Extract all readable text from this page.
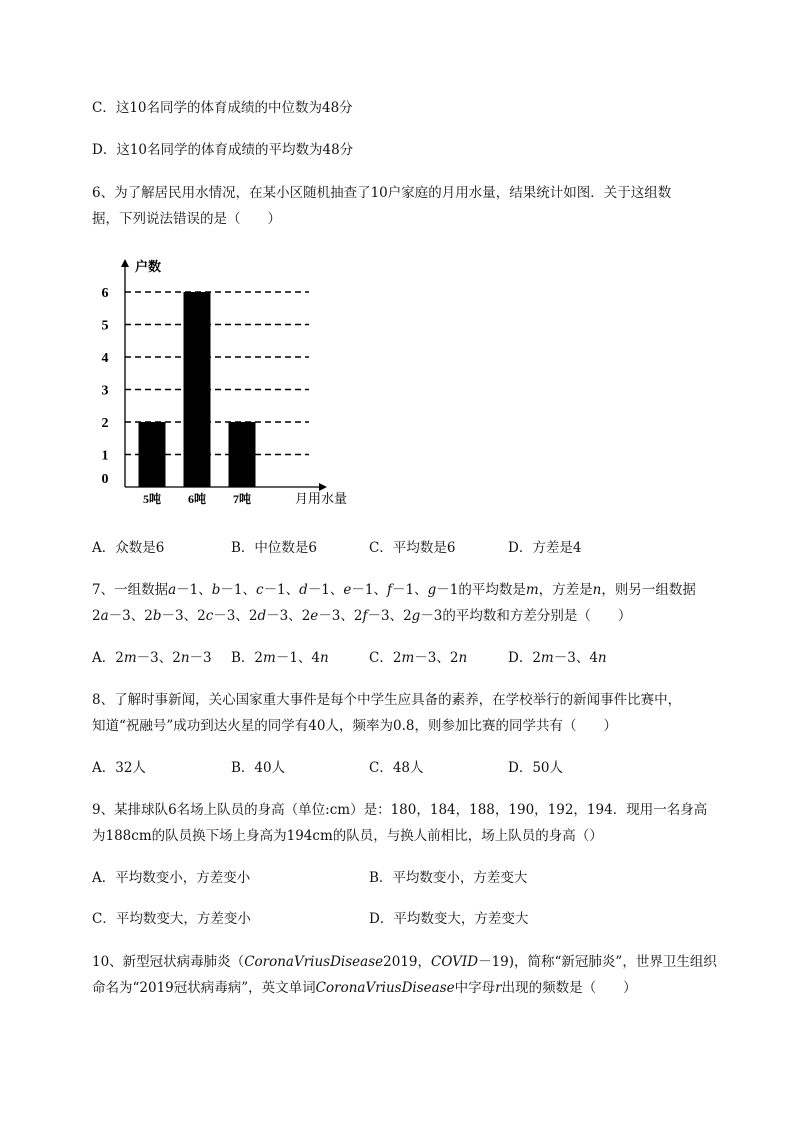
C．这10名同学的体育成绩的中位数为48分
D．这10名同学的体育成绩的平均数为48分
6、为了解居民用水情况，在某小区随机抽查了10户家庭的月用水量，结果统计如图．关于这组数
据，下列说法错误的是（　　）
0
1
2
3
4
5
6
户数
5吨 6吨 7吨	月用水量
A．众数是6	B．中位数是6	C．平均数是6	D．方差是4
7、一组数据a－1、b－1、c－1、d－1、e－1、f－1、g－1的平均数是m，方差是n，则另一组数据
2a－3、2b－3、2c－3、2d－3、2e－3、2f－3、2g－3的平均数和方差分别是（　　）
A．2m－3、2n－3 B．2m－1、4n	C．2m－3、2n	D．2m－3、4n
8、了解时事新闻，关心国家重大事件是每个中学生应具备的素养，在学校举行的新闻事件比赛中，
知道“祝融号”成功到达火星的同学有40人，频率为0.8，则参加比赛的同学共有（　　）
A．32人	B．40人	C．48人	D．50人
9、某排球队6名场上队员的身高（单位:cm）是：180，184，188，190，192，194．现用一名身高
为188cm的队员换下场上身高为194cm的队员，与换人前相比，场上队员的身高（）
A．平均数变小，方差变小	B．平均数变小，方差变大
C．平均数变大，方差变小	D．平均数变大，方差变大
10、新型冠状病毒肺炎（CoronaVriusDisease2019，COVID－19)，简称“新冠肺炎”，世界卫生组织
命名为“2019冠状病毒病”，英文单词CoronaVriusDisease中字母r出现的频数是（　　）
